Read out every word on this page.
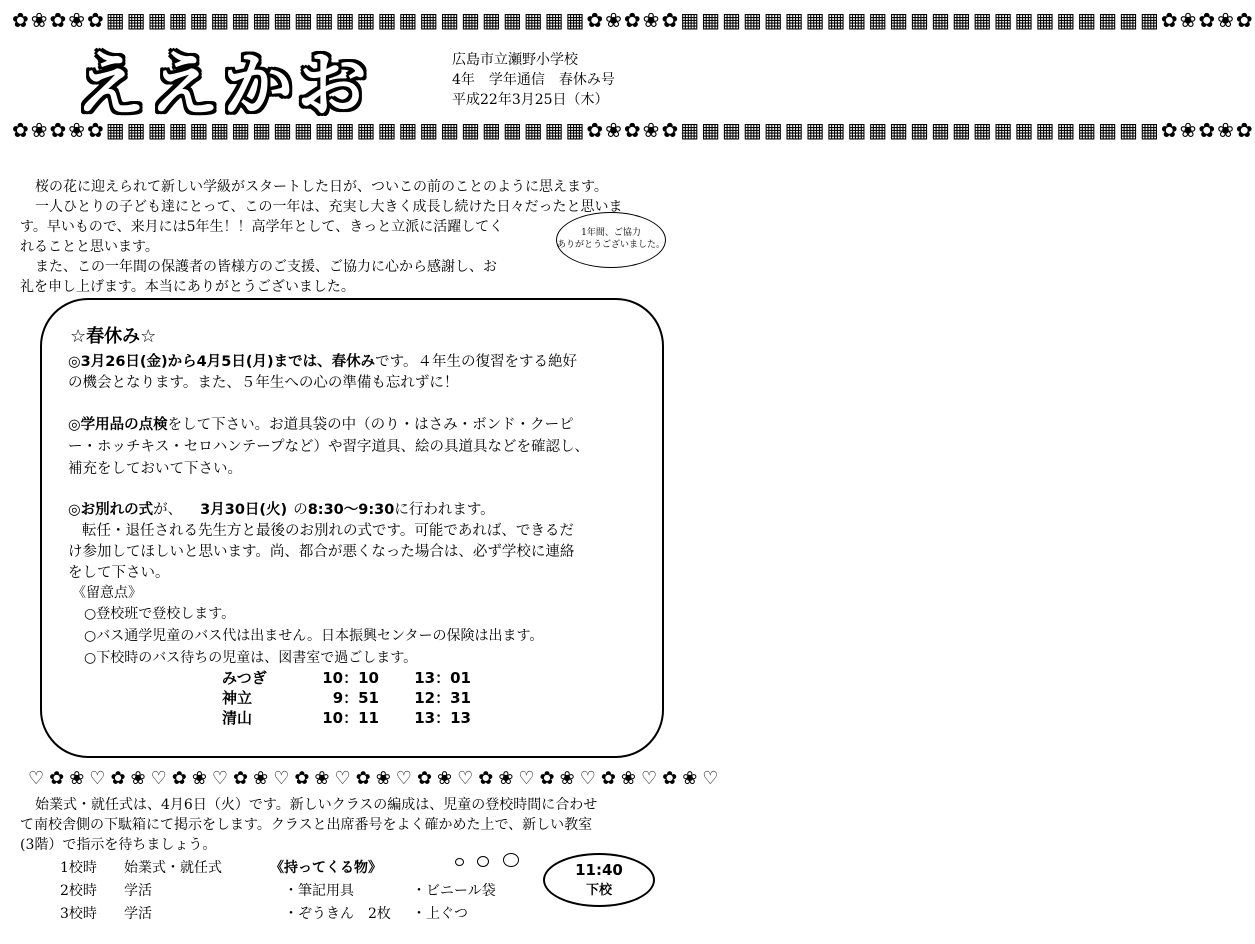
✿❀✿❀✿▦▦▦▦▦▦▦▦▦▦▦▦▦▦▦▦▦▦▦▦▦▦▦✿❀✿❀✿▦▦▦▦▦▦▦▦▦▦▦▦▦▦▦▦▦▦▦▦▦▦▦✿❀✿❀✿
ええかお	広島市立瀬野小学校
4年　学年通信　春休み号
平成22年3月25日（木）
✿❀✿❀✿▦▦▦▦▦▦▦▦▦▦▦▦▦▦▦▦▦▦▦▦▦▦▦✿❀✿❀✿▦▦▦▦▦▦▦▦▦▦▦▦▦▦▦▦▦▦▦▦▦▦▦✿❀✿❀✿
桜の花に迎えられて新しい学級がスタートした日が、ついこの前のことのように思えます。
一人ひとりの子ども達にとって、この一年は、充実し大きく成長し続けた日々だったと思いま
す。早いもので、来月には5年生！！高学年として、きっと立派に活躍してく
れることと思います。
また、この一年間の保護者の皆様方のご支援、ご協力に心から感謝し、お
礼を申し上げます。本当にありがとうございました。
1年間、ご協力
ありがとうございました。
☆春休み☆
◎3月26日(金)から4月5日(月)までは、春休みです。４年生の復習をする絶好
の機会となります。また、５年生への心の準備も忘れずに！
◎学用品の点検をして下さい。お道具袋の中（のり・はさみ・ボンド・クーピ
ー・ホッチキス・セロハンテープなど）や習字道具、絵の具道具などを確認し、
補充をしておいて下さい。
◎お別れの式が、 3月30日(火) の8:30～9:30に行われます。
転任・退任される先生方と最後のお別れの式です。可能であれば、できるだ
け参加してほしいと思います。尚、都合が悪くなった場合は、必ず学校に連絡
をして下さい。
《留意点》
○登校班で登校します。
○バス通学児童のバス代は出ません。日本振興センターの保険は出ます。
○下校時のバス待ちの児童は、図書室で過ごします。
みつぎ	10：10 13：01
神立	9：51 12：31
清山	10：11 13：13
♡✿❀♡✿❀♡✿❀♡✿❀♡✿❀♡✿❀♡✿❀♡✿❀♡✿❀♡✿❀♡✿❀♡
始業式・就任式は、4月6日（火）です。新しいクラスの編成は、児童の登校時間に合わせ
て南校舎側の下駄箱にて掲示をします。クラスと出席番号をよく確かめた上で、新しい教室
(3階）で指示を待ちましょう。
1校時 始業式・就任式
2校時 学活
3校時 学活
《持ってくる物》
・筆記用具	・ビニール袋
・ぞうきん　2枚 ・上ぐつ
11:40
下校
